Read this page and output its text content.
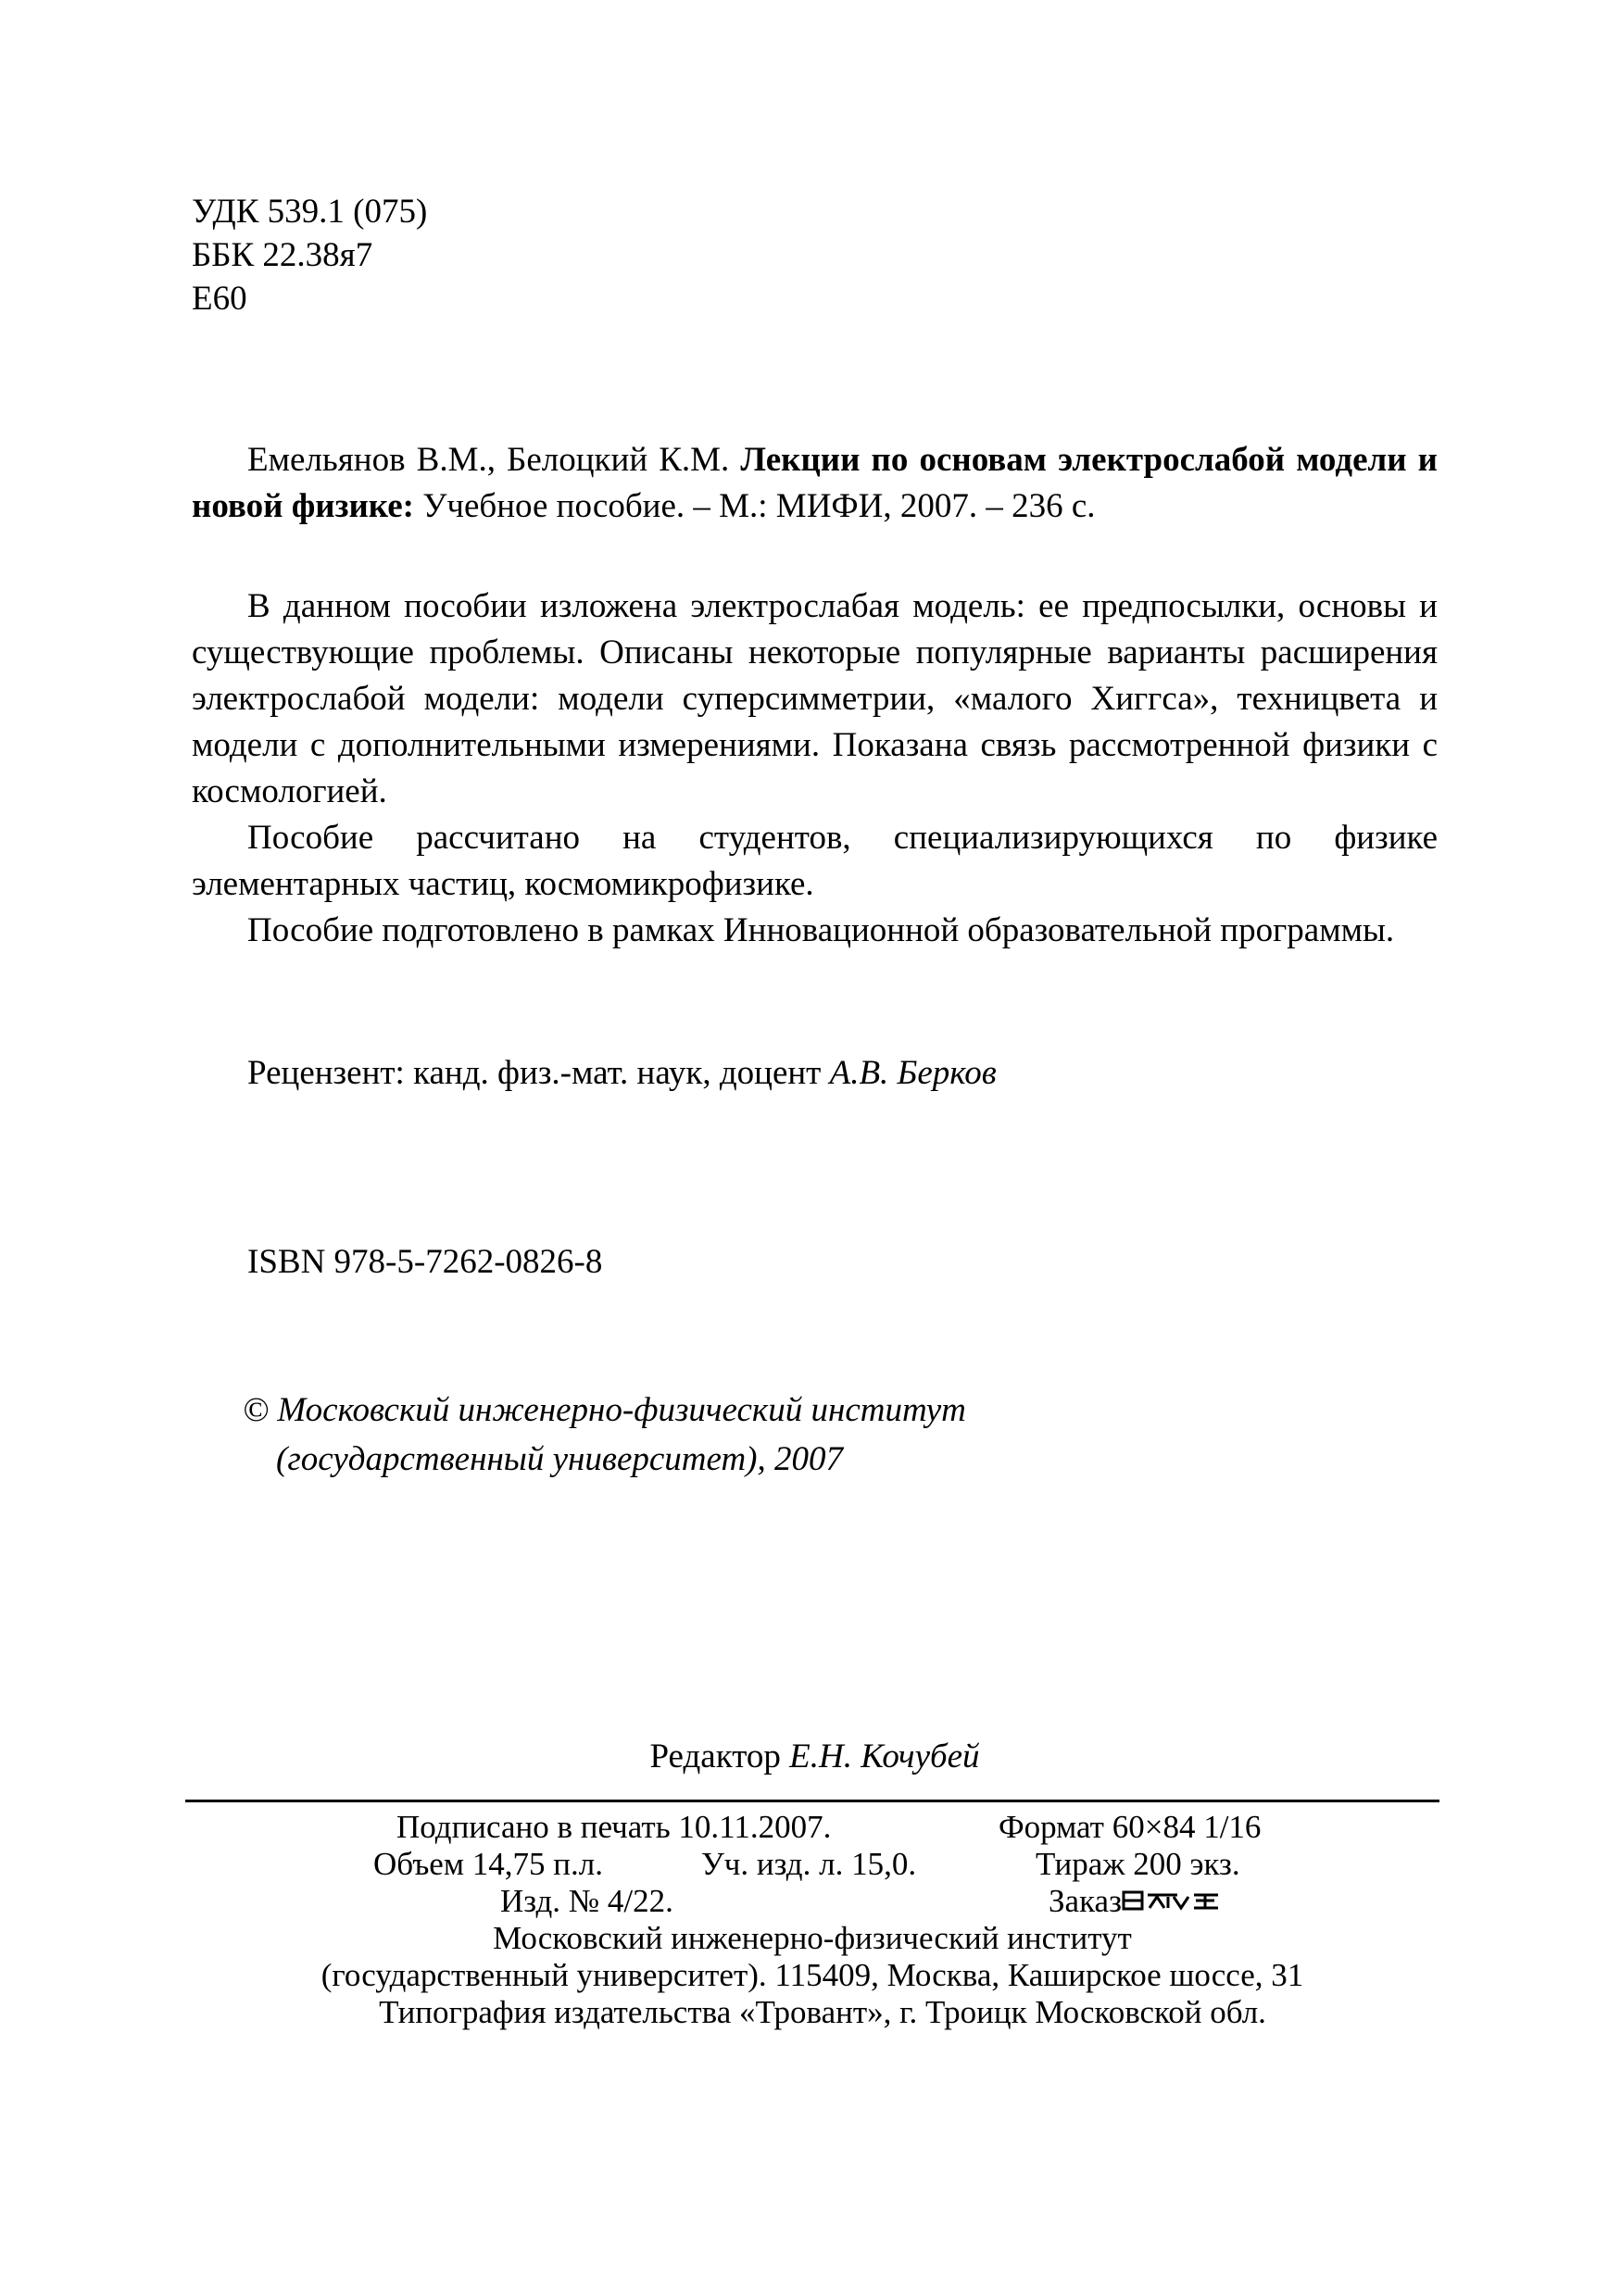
УДК 539.1 (075)
ББК 22.38я7
Е60

Емельянов В.М., Белоцкий К.М. Лекции по основам электрослабой модели и новой физике: Учебное пособие. – М.: МИФИ, 2007. – 236 с.

В данном пособии изложена электрослабая модель: ее предпосылки, основы и существующие проблемы. Описаны некоторые популярные варианты расширения электрослабой модели: модели суперсимметрии, «малого Хиггса», техницвета и модели с дополнительными измерениями. Показана связь рассмотренной физики с космологией.

Пособие рассчитано на студентов, специализирующихся по физике элементарных частиц, космомикрофизике.

Пособие подготовлено в рамках Инновационной образовательной программы.

Рецензент: канд. физ.-мат. наук, доцент А.В. Берков
ISBN 978-5-7262-0826-8
© Московский инженерно-физический институт
(государственный университет), 2007
Редактор Е.Н. Кочубей
Подписано в печать 10.11.2007.	Формат 60×84 1/16
Объем 14,75 п.л.	Уч. изд. л. 15,0.	Тираж 200 экз.
Изд. № 4/22.	Заказ
Московский инженерно-физический институт
(государственный университет). 115409, Москва, Каширское шоссе, 31
Типография издательства «Тровант», г. Троицк Московской обл.
